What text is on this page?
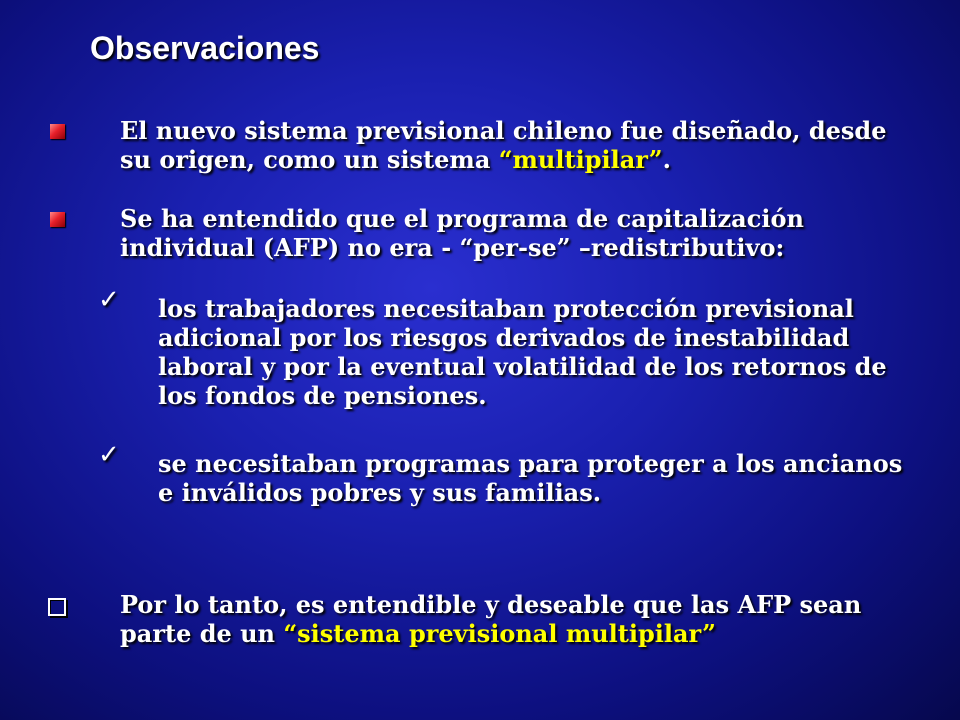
Observaciones
El nuevo sistema previsional chileno fue diseñado, desde su origen, como un sistema “multipilar”.
Se ha entendido que el programa de capitalización individual (AFP) no era - “per-se” –redistributivo:
✓ los trabajadores necesitaban protección previsional adicional por los riesgos derivados de inestabilidad laboral y por la eventual volatilidad de los retornos de los fondos de pensiones.
✓ se necesitaban programas para proteger a los ancianos e inválidos pobres y sus familias.
Por lo tanto, es entendible y deseable que las AFP sean parte de un “sistema previsional multipilar”
